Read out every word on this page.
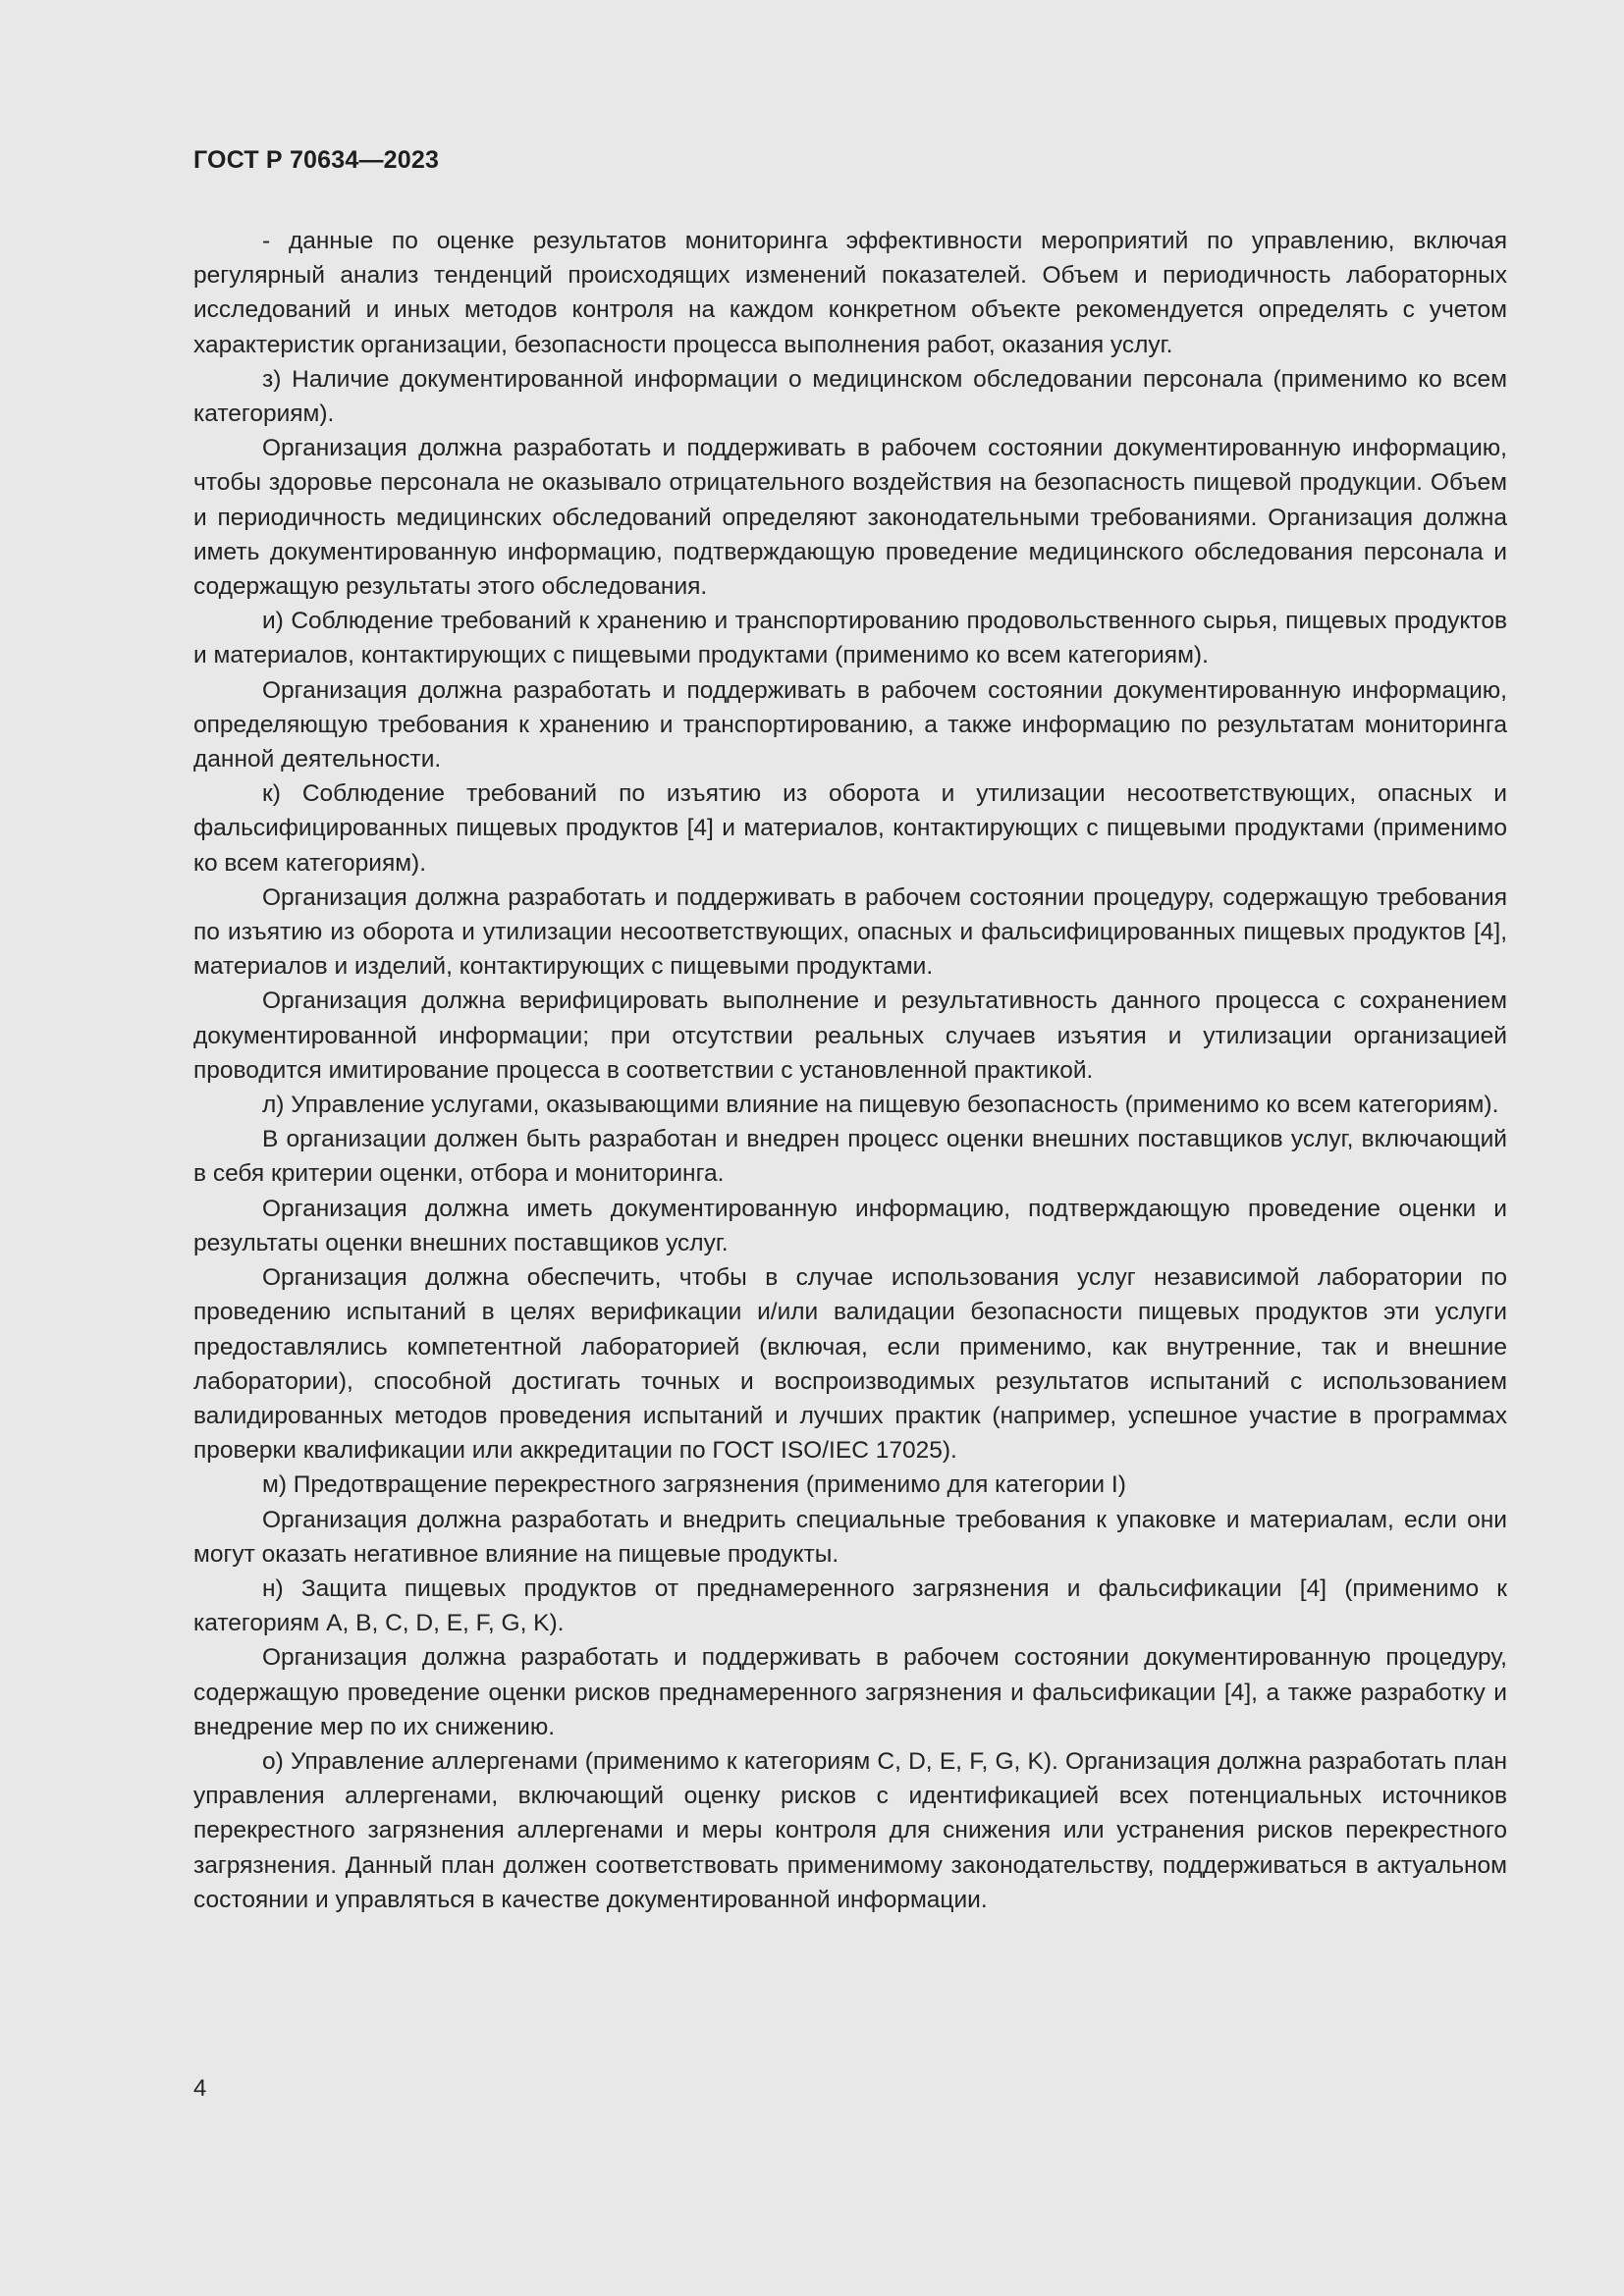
ГОСТ Р 70634—2023

- данные по оценке результатов мониторинга эффективности мероприятий по управлению, включая регулярный анализ тенденций происходящих изменений показателей. Объем и периодичность лабораторных исследований и иных методов контроля на каждом конкретном объекте рекомендуется определять с учетом характеристик организации, безопасности процесса выполнения работ, оказания услуг.

з) Наличие документированной информации о медицинском обследовании персонала (применимо ко всем категориям).

Организация должна разработать и поддерживать в рабочем состоянии документированную информацию, чтобы здоровье персонала не оказывало отрицательного воздействия на безопасность пищевой продукции. Объем и периодичность медицинских обследований определяют законодательными требованиями. Организация должна иметь документированную информацию, подтверждающую проведение медицинского обследования персонала и содержащую результаты этого обследования.

и) Соблюдение требований к хранению и транспортированию продовольственного сырья, пищевых продуктов и материалов, контактирующих с пищевыми продуктами (применимо ко всем категориям).

Организация должна разработать и поддерживать в рабочем состоянии документированную информацию, определяющую требования к хранению и транспортированию, а также информацию по результатам мониторинга данной деятельности.

к) Соблюдение требований по изъятию из оборота и утилизации несоответствующих, опасных и фальсифицированных пищевых продуктов [4] и материалов, контактирующих с пищевыми продуктами (применимо ко всем категориям).

Организация должна разработать и поддерживать в рабочем состоянии процедуру, содержащую требования по изъятию из оборота и утилизации несоответствующих, опасных и фальсифицированных пищевых продуктов [4], материалов и изделий, контактирующих с пищевыми продуктами.

Организация должна верифицировать выполнение и результативность данного процесса с сохранением документированной информации; при отсутствии реальных случаев изъятия и утилизации организацией проводится имитирование процесса в соответствии с установленной практикой.

л) Управление услугами, оказывающими влияние на пищевую безопасность (применимо ко всем категориям).

В организации должен быть разработан и внедрен процесс оценки внешних поставщиков услуг, включающий в себя критерии оценки, отбора и мониторинга.

Организация должна иметь документированную информацию, подтверждающую проведение оценки и результаты оценки внешних поставщиков услуг.

Организация должна обеспечить, чтобы в случае использования услуг независимой лаборатории по проведению испытаний в целях верификации и/или валидации безопасности пищевых продуктов эти услуги предоставлялись компетентной лабораторией (включая, если применимо, как внутренние, так и внешние лаборатории), способной достигать точных и воспроизводимых результатов испытаний с использованием валидированных методов проведения испытаний и лучших практик (например, успешное участие в программах проверки квалификации или аккредитации по ГОСТ ISO/IEC 17025).

м) Предотвращение перекрестного загрязнения (применимо для категории I)

Организация должна разработать и внедрить специальные требования к упаковке и материалам, если они могут оказать негативное влияние на пищевые продукты.

н) Защита пищевых продуктов от преднамеренного загрязнения и фальсификации [4] (применимо к категориям A, B, C, D, E, F, G, K).

Организация должна разработать и поддерживать в рабочем состоянии документированную процедуру, содержащую проведение оценки рисков преднамеренного загрязнения и фальсификации [4], а также разработку и внедрение мер по их снижению.

о) Управление аллергенами (применимо к категориям C, D, E, F, G, K). Организация должна разработать план управления аллергенами, включающий оценку рисков с идентификацией всех потенциальных источников перекрестного загрязнения аллергенами и меры контроля для снижения или устранения рисков перекрестного загрязнения. Данный план должен соответствовать применимому законодательству, поддерживаться в актуальном состоянии и управляться в качестве документированной информации.

4
